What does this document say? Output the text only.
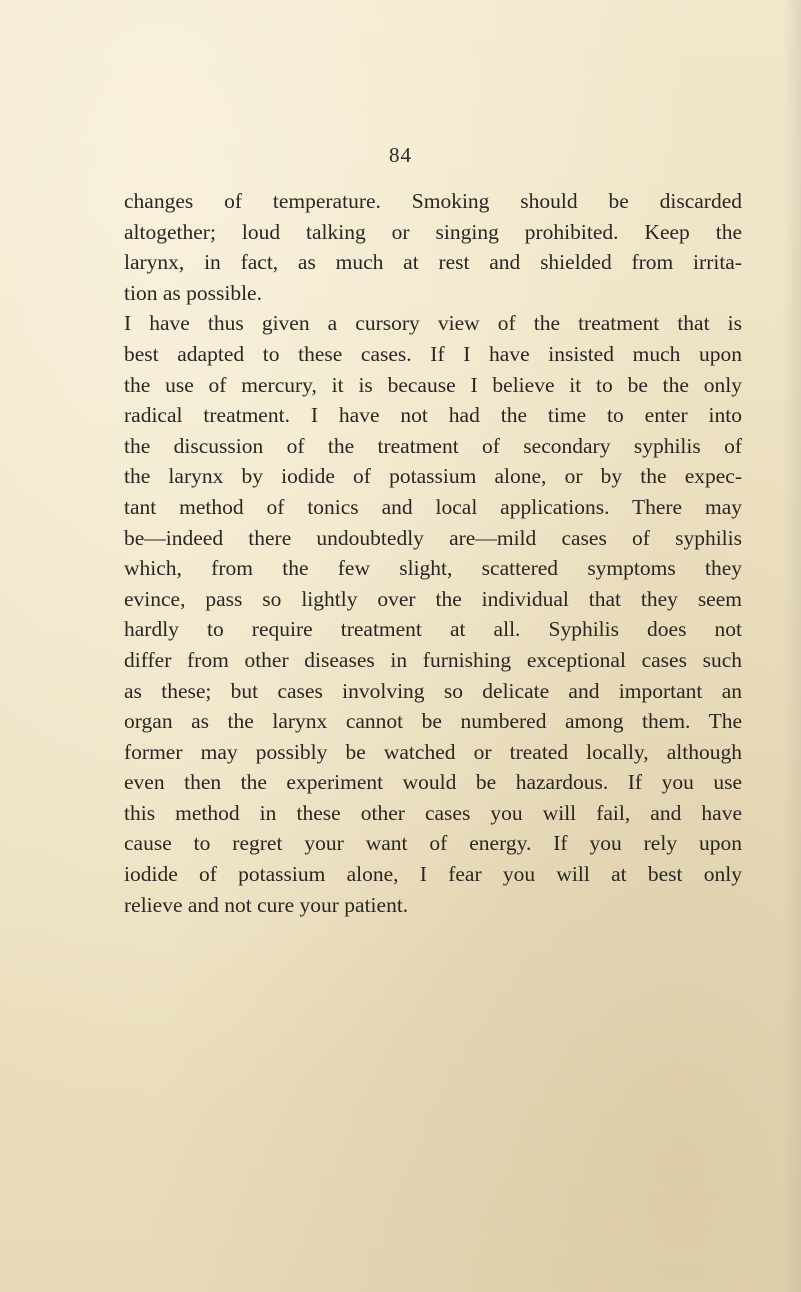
84
changes of temperature. Smoking should be discarded
altogether; loud talking or singing prohibited. Keep the
larynx, in fact, as much at rest and shielded from irrita-
tion as possible.
I have thus given a cursory view of the treatment that is
best adapted to these cases. If I have insisted much upon
the use of mercury, it is because I believe it to be the only
radical treatment. I have not had the time to enter into
the discussion of the treatment of secondary syphilis of
the larynx by iodide of potassium alone, or by the expec-
tant method of tonics and local applications. There may
be—indeed there undoubtedly are—mild cases of syphilis
which, from the few slight, scattered symptoms they
evince, pass so lightly over the individual that they seem
hardly to require treatment at all. Syphilis does not
differ from other diseases in furnishing exceptional cases such
as these; but cases involving so delicate and important an
organ as the larynx cannot be numbered among them. The
former may possibly be watched or treated locally, although
even then the experiment would be hazardous. If you use
this method in these other cases you will fail, and have
cause to regret your want of energy. If you rely upon
iodide of potassium alone, I fear you will at best only
relieve and not cure your patient.
